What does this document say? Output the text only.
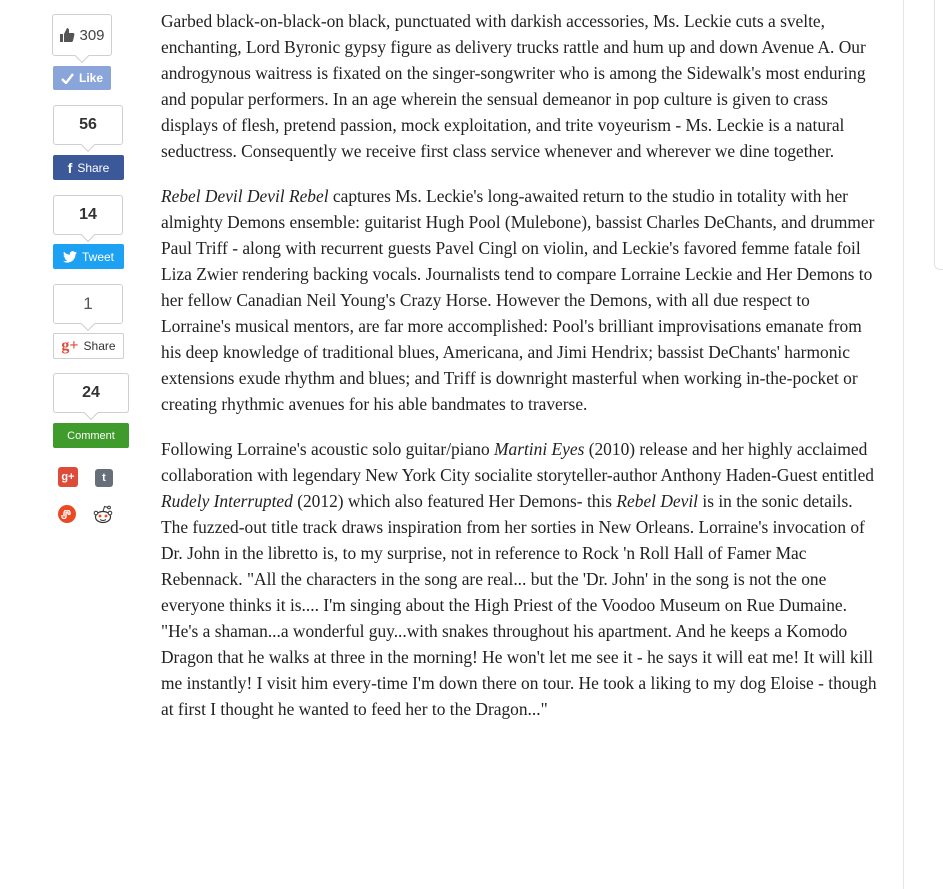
309
Like
56
f Share
14
Tweet
1
g+ Share
24
Comment
g+	t

Garbed black-on-black-on black, punctuated with darkish accessories, Ms. Leckie cuts a svelte, enchanting, Lord Byronic gypsy figure as delivery trucks rattle and hum up and down Avenue A. Our androgynous waitress is fixated on the singer-songwriter who is among the Sidewalk's most enduring and popular performers. In an age wherein the sensual demeanor in pop culture is given to crass displays of flesh, pretend passion, mock exploitation, and trite voyeurism - Ms. Leckie is a natural seductress. Consequently we receive first class service whenever and wherever we dine together.

Rebel Devil Devil Rebel captures Ms. Leckie's long-awaited return to the studio in totality with her almighty Demons ensemble: guitarist Hugh Pool (Mulebone), bassist Charles DeChants, and drummer Paul Triff - along with recurrent guests Pavel Cingl on violin, and Leckie's favored femme fatale foil Liza Zwier rendering backing vocals. Journalists tend to compare Lorraine Leckie and Her Demons to her fellow Canadian Neil Young's Crazy Horse. However the Demons, with all due respect to Lorraine's musical mentors, are far more accomplished: Pool's brilliant improvisations emanate from his deep knowledge of traditional blues, Americana, and Jimi Hendrix; bassist DeChants' harmonic extensions exude rhythm and blues; and Triff is downright masterful when working in-the-pocket or creating rhythmic avenues for his able bandmates to traverse.

Following Lorraine's acoustic solo guitar/piano Martini Eyes (2010) release and her highly acclaimed collaboration with legendary New York City socialite storyteller-author Anthony Haden-Guest entitled Rudely Interrupted (2012) which also featured Her Demons- this Rebel Devil is in the sonic details. The fuzzed-out title track draws inspiration from her sorties in New Orleans. Lorraine's invocation of Dr. John in the libretto is, to my surprise, not in reference to Rock 'n Roll Hall of Famer Mac Rebennack. "All the characters in the song are real... but the 'Dr. John' in the song is not the one everyone thinks it is.... I'm singing about the High Priest of the Voodoo Museum on Rue Dumaine. "He's a shaman...a wonderful guy...with snakes throughout his apartment. And he keeps a Komodo Dragon that he walks at three in the morning! He won't let me see it - he says it will eat me! It will kill me instantly! I visit him every-time I'm down there on tour. He took a liking to my dog Eloise - though at first I thought he wanted to feed her to the Dragon..."
